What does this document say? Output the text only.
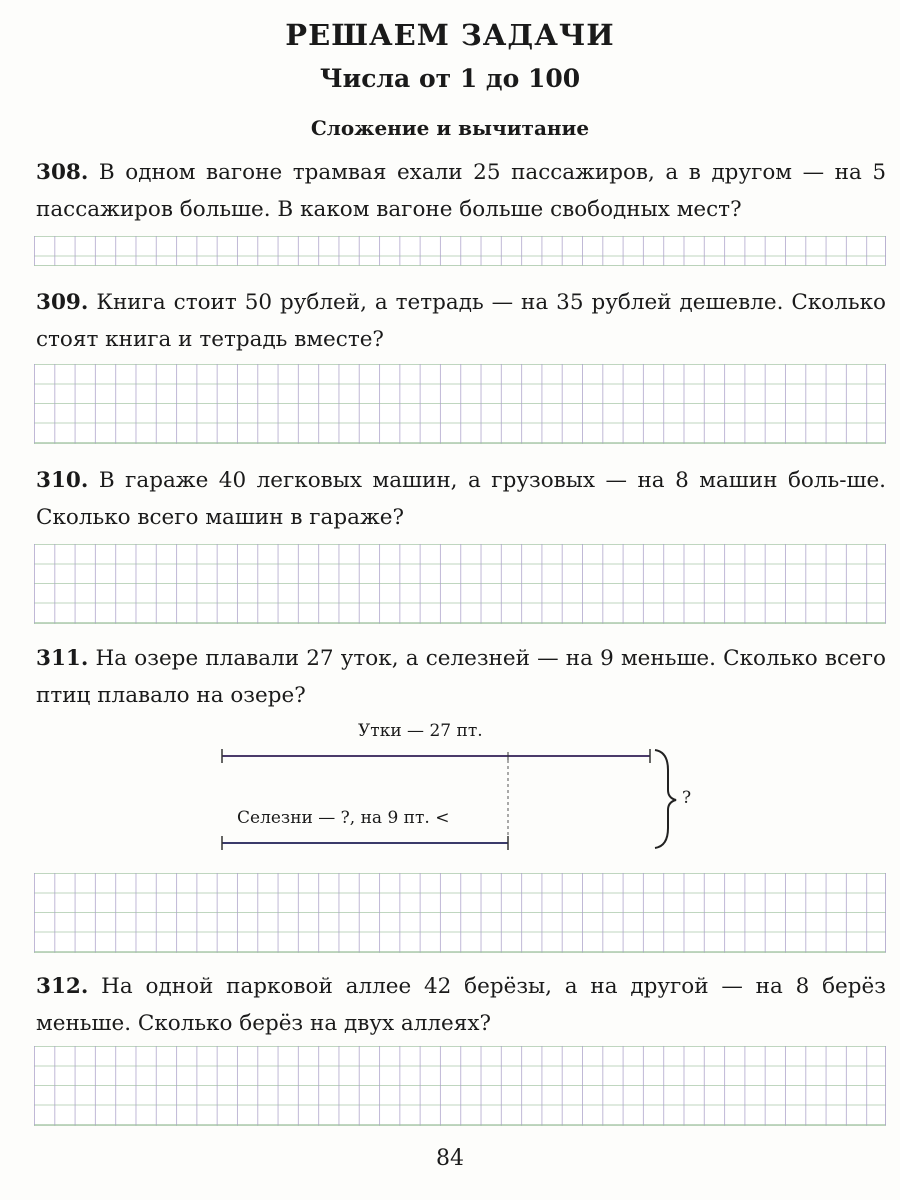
РЕШАЕМ ЗАДАЧИ
Числа от 1 до 100
Сложение и вычитание
308. В одном вагоне трамвая ехали 25 пассажиров, а в другом — на 5 пассажиров больше. В каком вагоне больше свободных мест?
309. Книга стоит 50 рублей, а тетрадь — на 35 рублей дешевле. Сколько стоят книга и тетрадь вместе?
310. В гараже 40 легковых машин, а грузовых — на 8 машин боль-ше. Сколько всего машин в гараже?
311. На озере плавали 27 уток, а селезней — на 9 меньше. Сколько всего птиц плавало на озере?
Утки — 27 пт.
Селезни — ?, на 9 пт. <
?
312. На одной парковой аллее 42 берёзы, а на другой — на 8 берёз меньше. Сколько берёз на двух аллеях?
84
